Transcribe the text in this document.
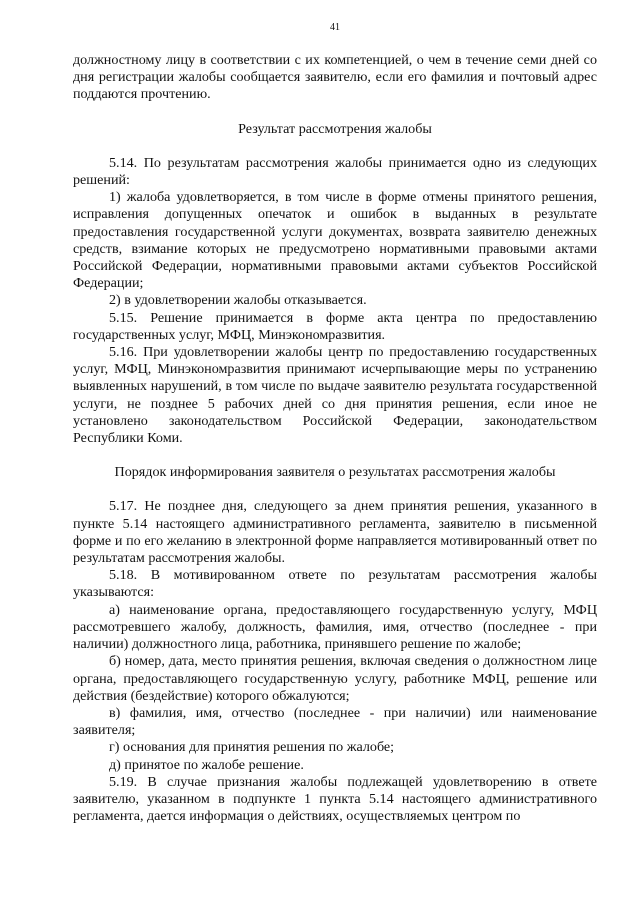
41

должностному лицу в соответствии с их компетенцией, о чем в течение семи дней со дня регистрации жалобы сообщается заявителю, если его фамилия и почтовый адрес поддаются прочтению.

Результат рассмотрения жалобы

5.14. По результатам рассмотрения жалобы принимается одно из следующих решений:

1) жалоба удовлетворяется, в том числе в форме отмены принятого решения, исправления допущенных опечаток и ошибок в выданных в результате предоставления государственной услуги документах, возврата заявителю денежных средств, взимание которых не предусмотрено нормативными правовыми актами Российской Федерации, нормативными правовыми актами субъектов Российской Федерации;

2) в удовлетворении жалобы отказывается.

5.15. Решение принимается в форме акта центра по предоставлению государственных услуг, МФЦ, Минэкономразвития.

5.16. При удовлетворении жалобы центр по предоставлению государственных услуг, МФЦ, Минэкономразвития принимают исчерпывающие меры по устранению выявленных нарушений, в том числе по выдаче заявителю результата государственной услуги, не позднее 5 рабочих дней со дня принятия решения, если иное не установлено законодательством Российской Федерации, законодательством Республики Коми.

Порядок информирования заявителя о результатах рассмотрения жалобы

5.17. Не позднее дня, следующего за днем принятия решения, указанного в пункте 5.14 настоящего административного регламента, заявителю в письменной форме и по его желанию в электронной форме направляется мотивированный ответ по результатам рассмотрения жалобы.

5.18. В мотивированном ответе по результатам рассмотрения жалобы указываются:

а) наименование органа, предоставляющего государственную услугу, МФЦ рассмотревшего жалобу, должность, фамилия, имя, отчество (последнее - при наличии) должностного лица, работника, принявшего решение по жалобе;

б) номер, дата, место принятия решения, включая сведения о должностном лице органа, предоставляющего государственную услугу, работнике МФЦ, решение или действия (бездействие) которого обжалуются;

в) фамилия, имя, отчество (последнее - при наличии) или наименование заявителя;

г) основания для принятия решения по жалобе;

д) принятое по жалобе решение.

5.19. В случае признания жалобы подлежащей удовлетворению в ответе заявителю, указанном в подпункте 1 пункта 5.14 настоящего административного регламента, дается информация о действиях, осуществляемых центром по
